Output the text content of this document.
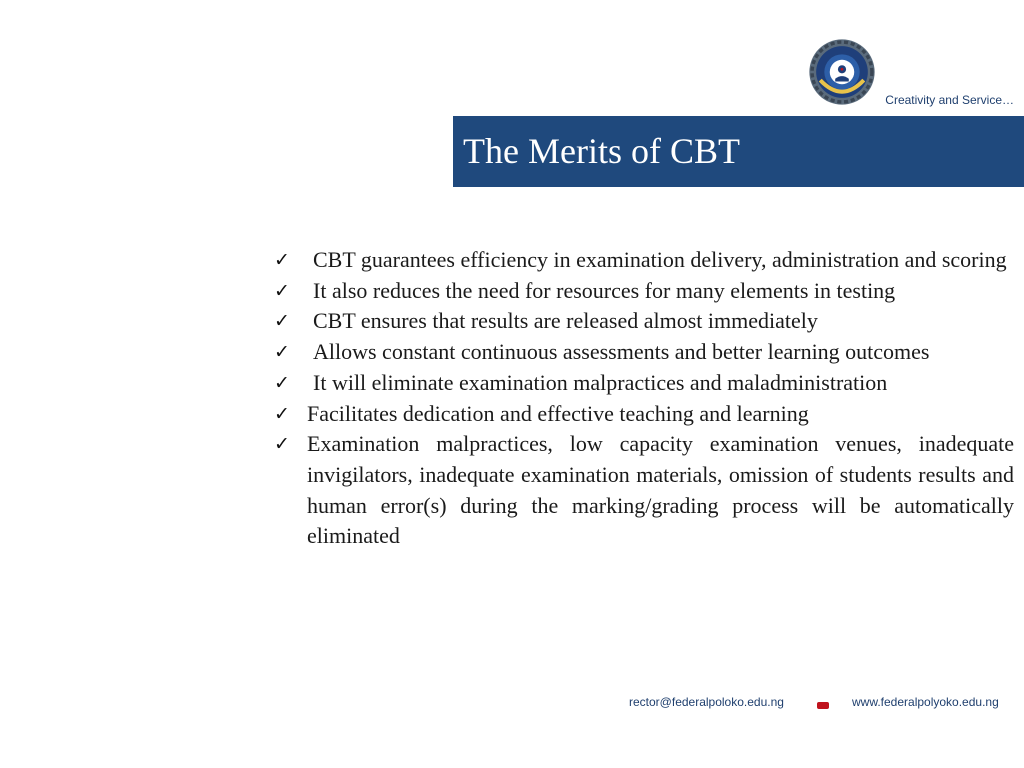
Creativity and Service…
The Merits of CBT
✓	CBT guarantees efficiency in examination delivery, administration and scoring
✓	It also reduces the need for resources for many elements in testing
✓	CBT ensures that results are released almost immediately
✓	Allows constant continuous assessments and better learning outcomes
✓	It will eliminate examination malpractices and maladministration
✓ Facilitates dedication and effective teaching and learning
✓ Examination malpractices, low capacity examination venues, inadequate invigilators, inadequate examination materials, omission of students results and human error(s) during the marking/grading process will be automatically eliminated
rector@federalpoloko.edu.ng	www.federalpolyoko.edu.ng
